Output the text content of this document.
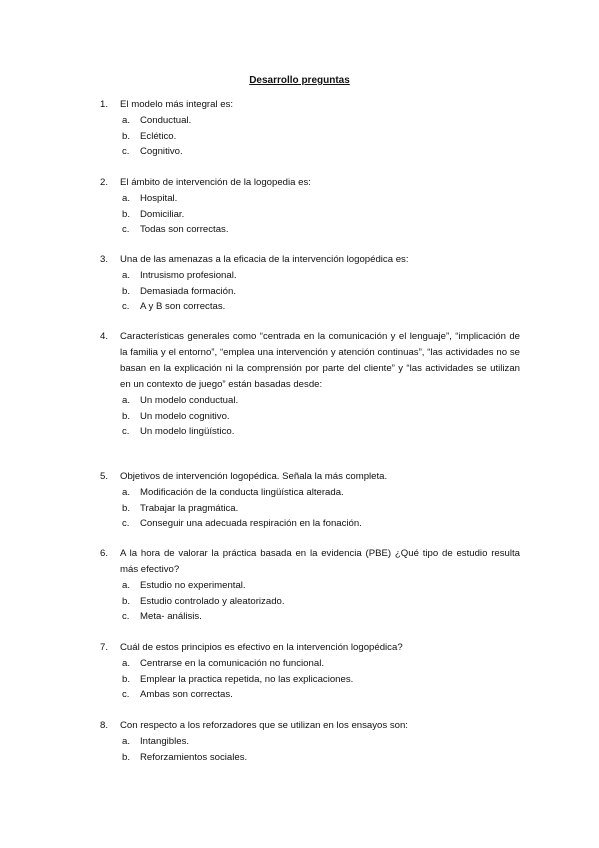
Desarrollo preguntas
1.	El modelo más integral es:
a.	Conductual.
b.	Eclético.
c.	Cognitivo.
2.	El ámbito de intervención de la logopedia es:
a.	Hospital.
b.	Domiciliar.
c.	Todas son correctas.
3.	Una de las amenazas a la eficacia de la intervención logopédica es:
a.	Intrusismo profesional.
b.	Demasiada formación.
c.	A y B son correctas.
4.	Características generales como “centrada en la comunicación y el lenguaje”, “implicación de la familia y el entorno”, “emplea una intervención y atención continuas”, “las actividades no se basan en la explicación ni la comprensión por parte del cliente” y “las actividades se utilizan en un contexto de juego” están basadas desde:
a.	Un modelo conductual.
b.	Un modelo cognitivo.
c.	Un modelo lingüístico.
5.	Objetivos de intervención logopédica. Señala la más completa.
a.	Modificación de la conducta lingüística alterada.
b.	Trabajar la pragmática.
c.	Conseguir una adecuada respiración en la fonación.
6.	A la hora de valorar la práctica basada en la evidencia (PBE) ¿Qué tipo de estudio resulta más efectivo?
a.	Estudio no experimental.
b.	Estudio controlado y aleatorizado.
c.	Meta- análisis.
7.	Cuál de estos principios es efectivo en la intervención logopédica?
a.	Centrarse en la comunicación no funcional.
b.	Emplear la practica repetida, no las explicaciones.
c.	Ambas son correctas.
8.	Con respecto a los reforzadores que se utilizan en los ensayos son:
a.	Intangibles.
b.	Reforzamientos sociales.
